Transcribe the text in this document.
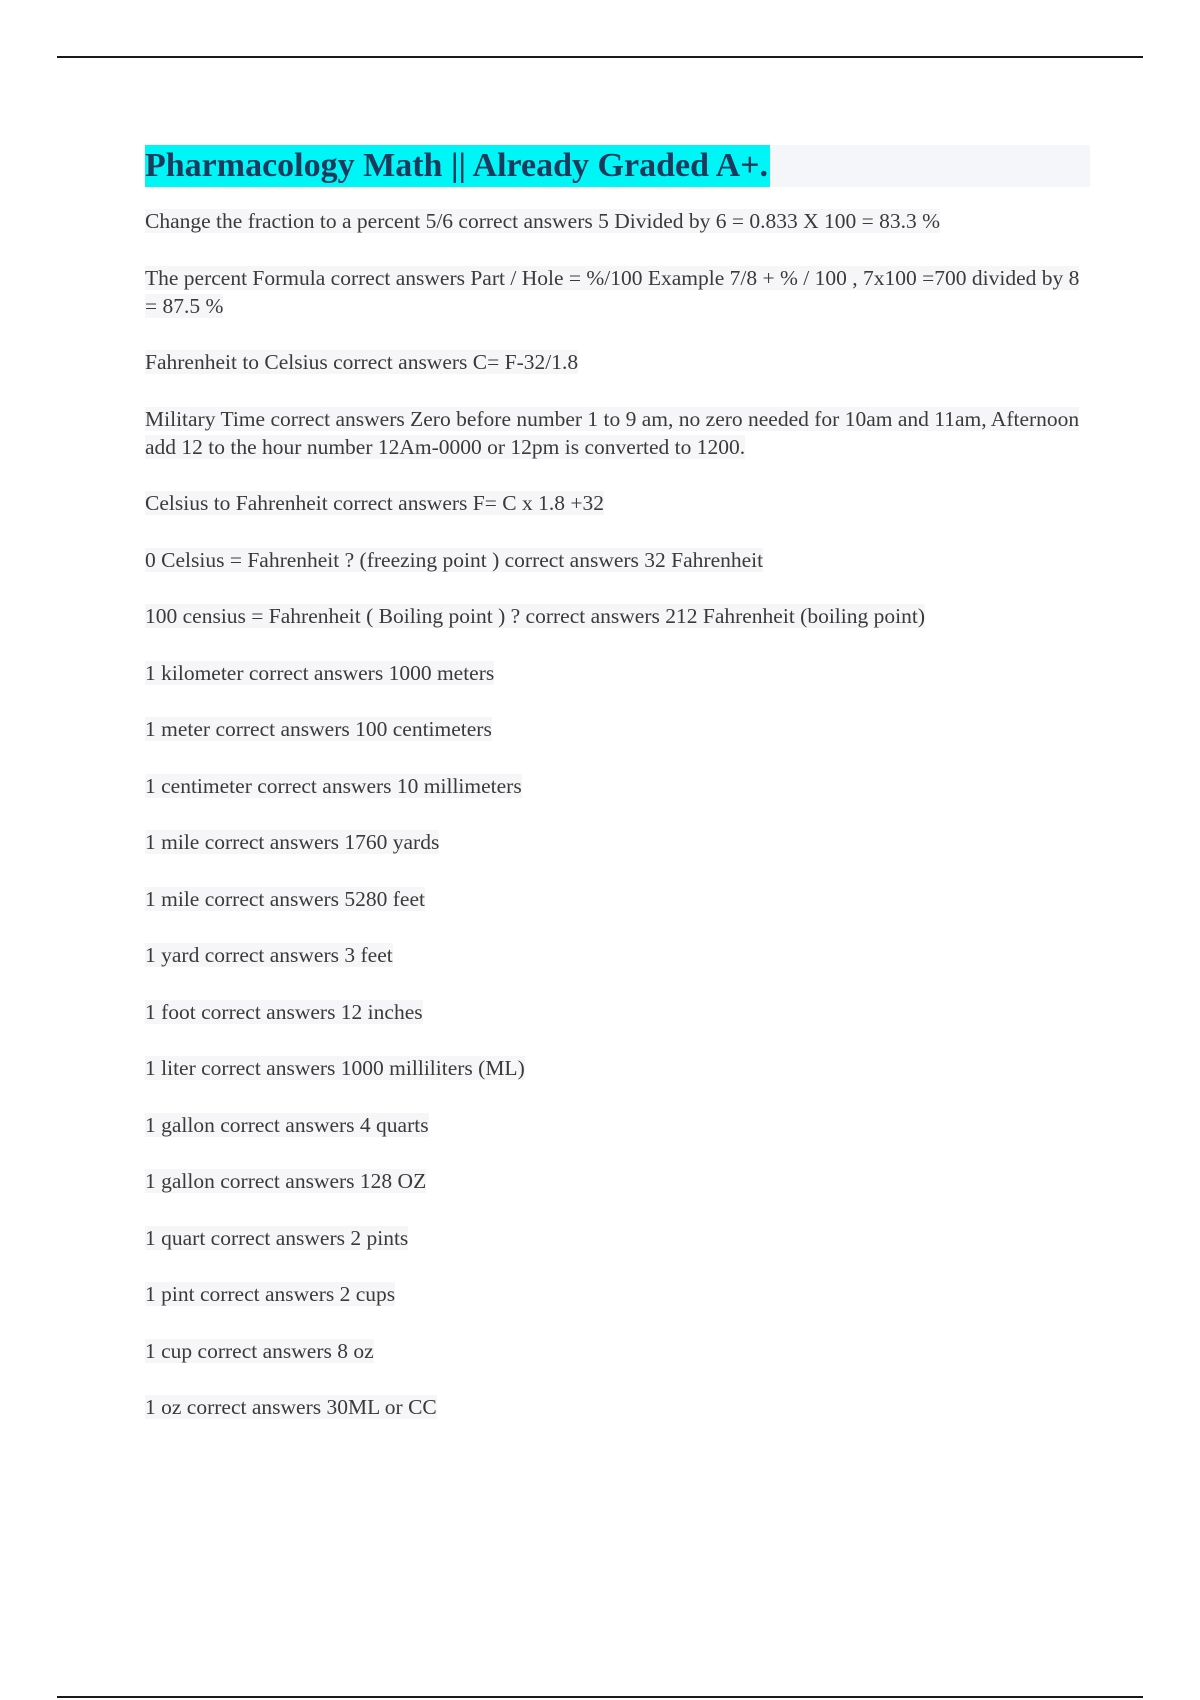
Pharmacology Math || Already Graded A+.
Change the fraction to a percent 5/6 correct answers 5 Divided by 6 = 0.833 X 100 = 83.3 %
The percent Formula correct answers Part / Hole = %/100 Example 7/8 + % / 100 , 7x100 =700 divided by 8 = 87.5 %
Fahrenheit to Celsius correct answers C= F-32/1.8
Military Time correct answers Zero before number 1 to 9 am, no zero needed for 10am and 11am, Afternoon add 12 to the hour number 12Am-0000 or 12pm is converted to 1200.
Celsius to Fahrenheit correct answers F= C x 1.8 +32
0 Celsius = Fahrenheit ? (freezing point ) correct answers 32 Fahrenheit
100 censius = Fahrenheit ( Boiling point ) ? correct answers 212 Fahrenheit (boiling point)
1 kilometer correct answers 1000 meters
1 meter correct answers 100 centimeters
1 centimeter correct answers 10 millimeters
1 mile correct answers 1760 yards
1 mile correct answers 5280 feet
1 yard correct answers 3 feet
1 foot correct answers 12 inches
1 liter correct answers 1000 milliliters (ML)
1 gallon correct answers 4 quarts
1 gallon correct answers 128 OZ
1 quart correct answers 2 pints
1 pint correct answers 2 cups
1 cup correct answers 8 oz
1 oz correct answers 30ML or CC
